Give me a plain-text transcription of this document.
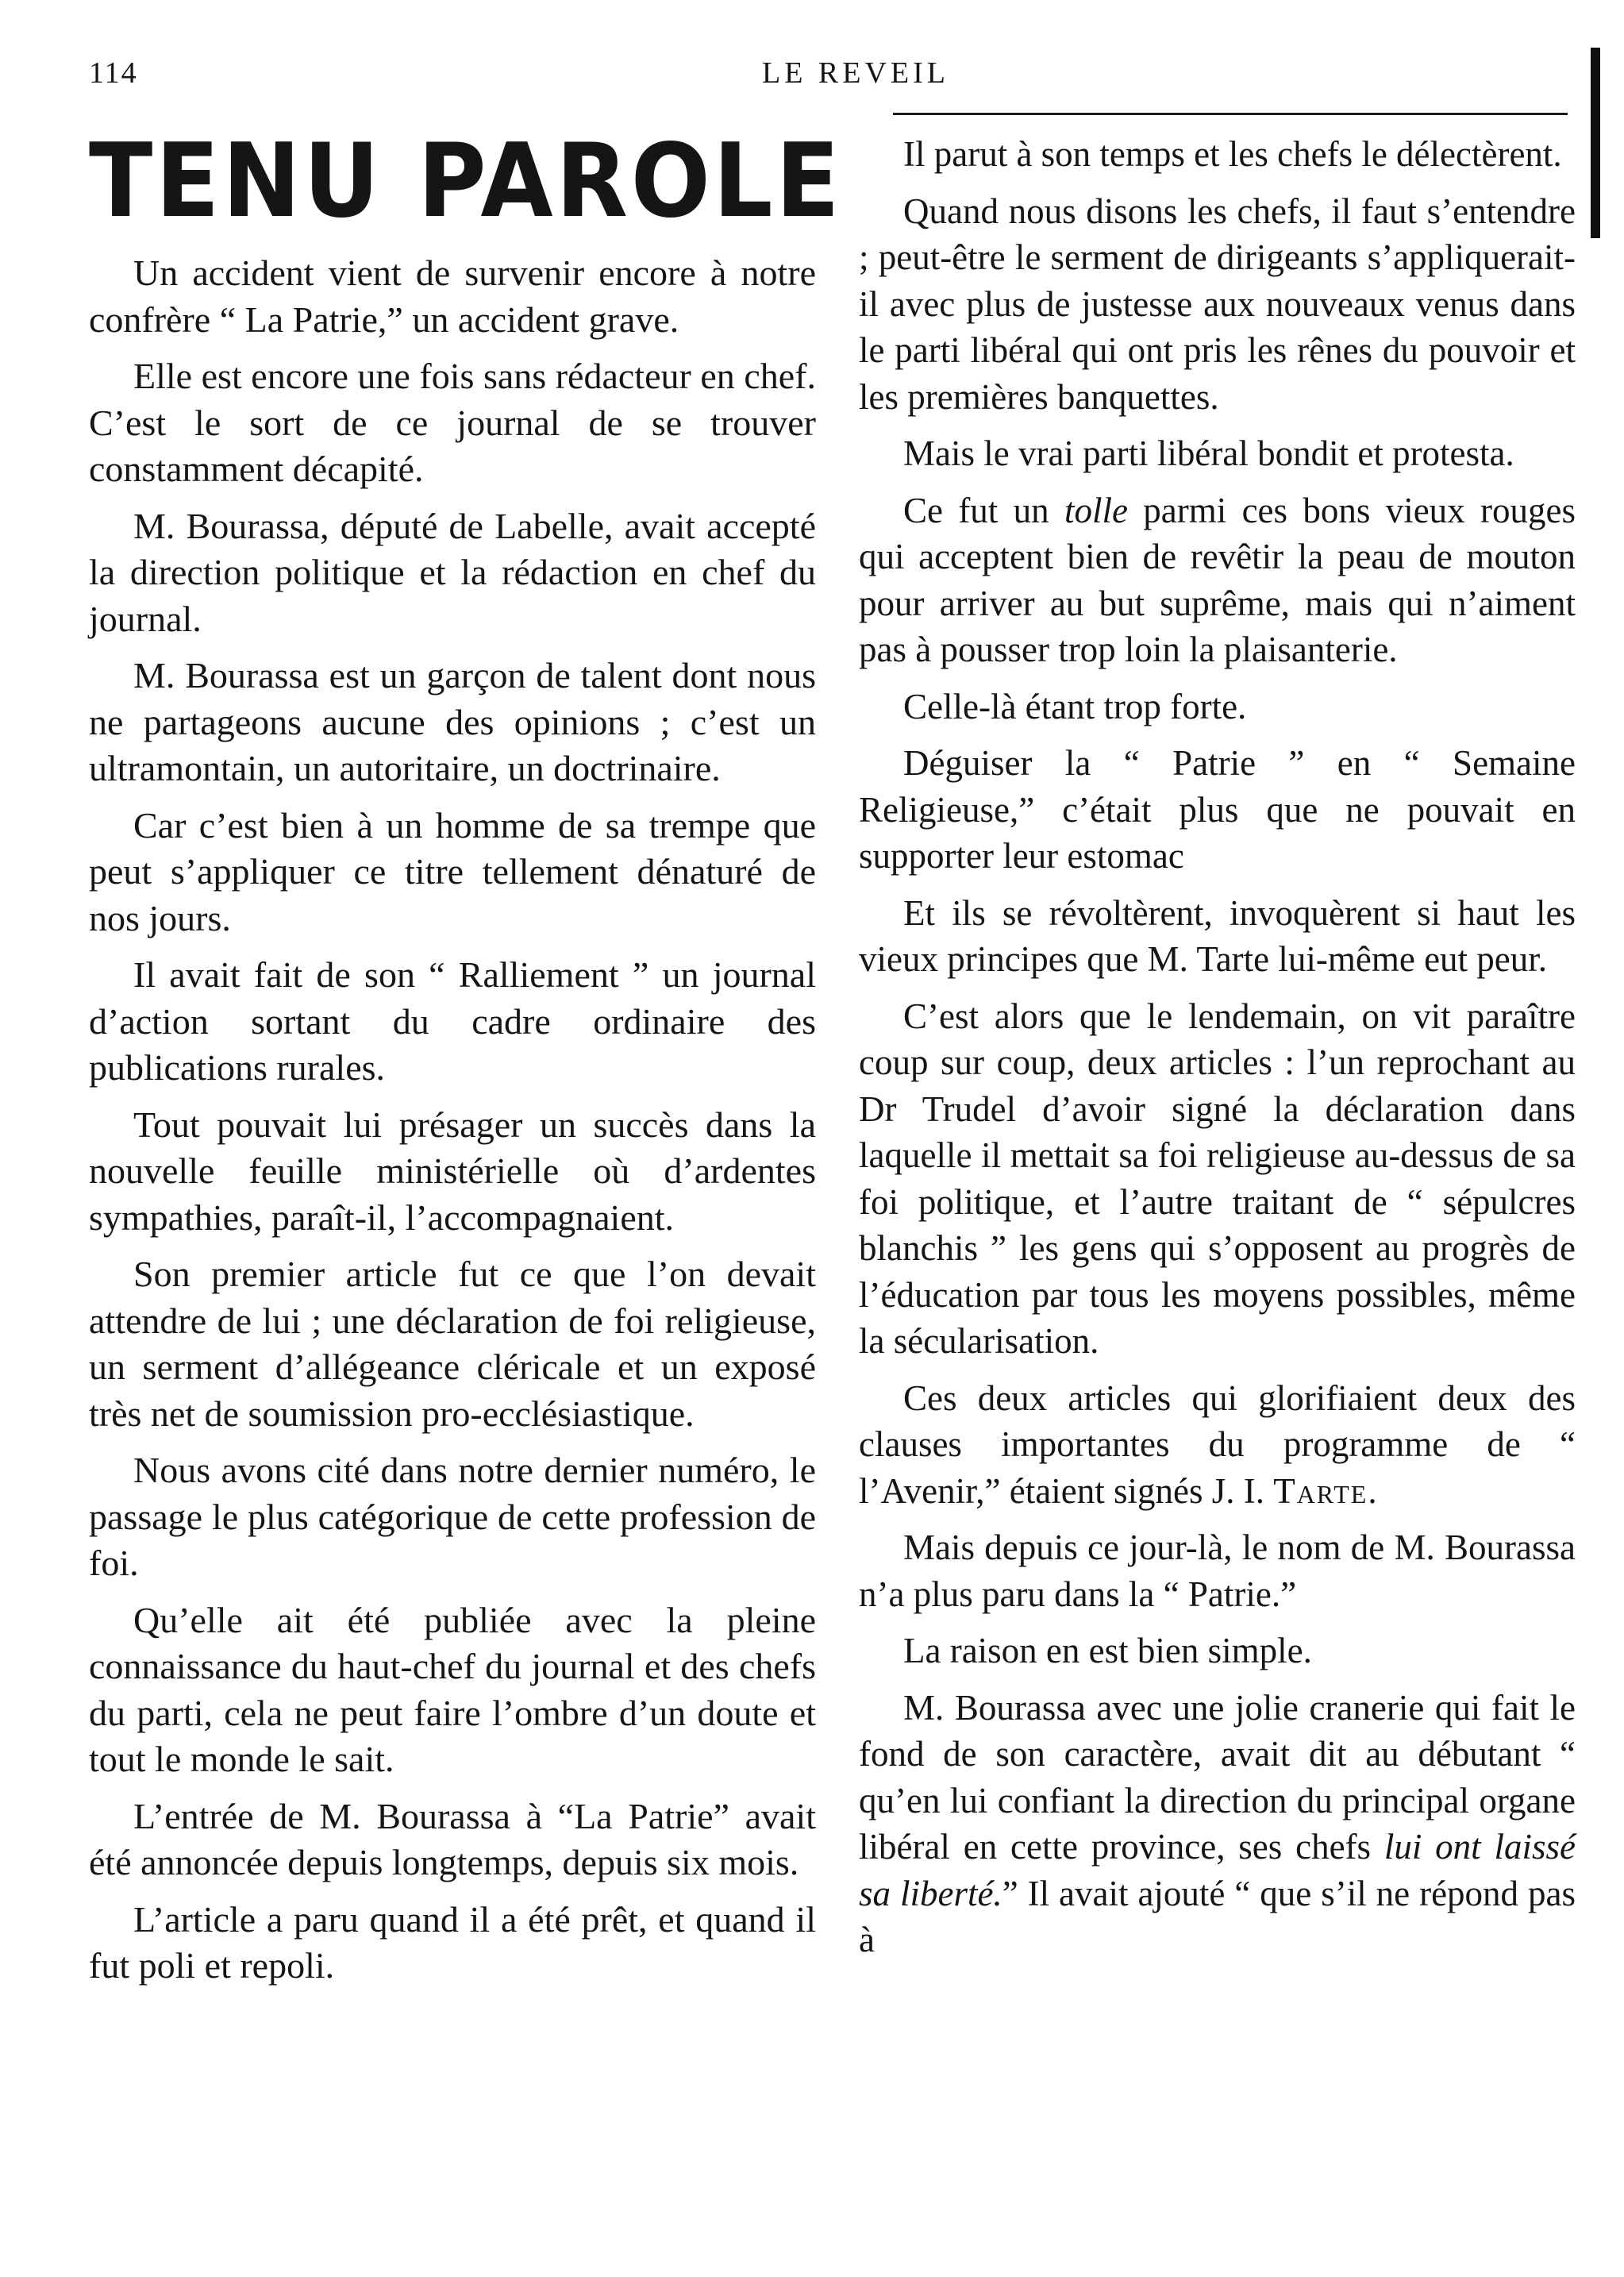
114	LE REVEIL

TENU PAROLE

Un accident vient de survenir encore à notre confrère “ La Patrie,” un accident grave.

Elle est encore une fois sans rédacteur en chef. C’est le sort de ce journal de se trouver constamment décapité.

M. Bourassa, député de Labelle, avait accepté la direction politique et la rédaction en chef du journal.

M. Bourassa est un garçon de talent dont nous ne partageons aucune des opinions ; c’est un ultramontain, un autoritaire, un doctrinaire.

Car c’est bien à un homme de sa trempe que peut s’appliquer ce titre tellement dénaturé de nos jours.

Il avait fait de son “ Ralliement ” un journal d’action sortant du cadre ordinaire des publications rurales.

Tout pouvait lui présager un succès dans la nouvelle feuille ministérielle où d’ardentes sympathies, paraît-il, l’accompagnaient.

Son premier article fut ce que l’on devait attendre de lui ; une déclaration de foi religieuse, un serment d’allégeance cléricale et un exposé très net de soumission pro-ecclésiastique.

Nous avons cité dans notre dernier numéro, le passage le plus catégorique de cette profession de foi.

Qu’elle ait été publiée avec la pleine connaissance du haut-chef du journal et des chefs du parti, cela ne peut faire l’ombre d’un doute et tout le monde le sait.

L’entrée de M. Bourassa à “La Patrie” avait été annoncée depuis longtemps, depuis six mois.

L’article a paru quand il a été prêt, et quand il fut poli et repoli.

Il parut à son temps et les chefs le délectèrent.

Quand nous disons les chefs, il faut s’entendre ; peut-être le serment de dirigeants s’appliquerait-il avec plus de justesse aux nouveaux venus dans le parti libéral qui ont pris les rênes du pouvoir et les premières banquettes.

Mais le vrai parti libéral bondit et protesta.

Ce fut un tolle parmi ces bons vieux rouges qui acceptent bien de revêtir la peau de mouton pour arriver au but suprême, mais qui n’aiment pas à pousser trop loin la plaisanterie.

Celle-là étant trop forte.

Déguiser la “ Patrie ” en “ Semaine Religieuse,” c’était plus que ne pouvait en supporter leur estomac

Et ils se révoltèrent, invoquèrent si haut les vieux principes que M. Tarte lui-même eut peur.

C’est alors que le lendemain, on vit paraître coup sur coup, deux articles : l’un reprochant au Dr Trudel d’avoir signé la déclaration dans laquelle il mettait sa foi religieuse au-dessus de sa foi politique, et l’autre traitant de “ sépulcres blanchis ” les gens qui s’opposent au progrès de l’éducation par tous les moyens possibles, même la sécularisation.

Ces deux articles qui glorifiaient deux des clauses importantes du programme de “ l’Avenir,” étaient signés J. I. Tarte.

Mais depuis ce jour-là, le nom de M. Bourassa n’a plus paru dans la “ Patrie.”

La raison en est bien simple.

M. Bourassa avec une jolie cranerie qui fait le fond de son caractère, avait dit au débutant “ qu’en lui confiant la direction du principal organe libéral en cette province, ses chefs lui ont laissé sa liberté.” Il avait ajouté “ que s’il ne répond pas à
